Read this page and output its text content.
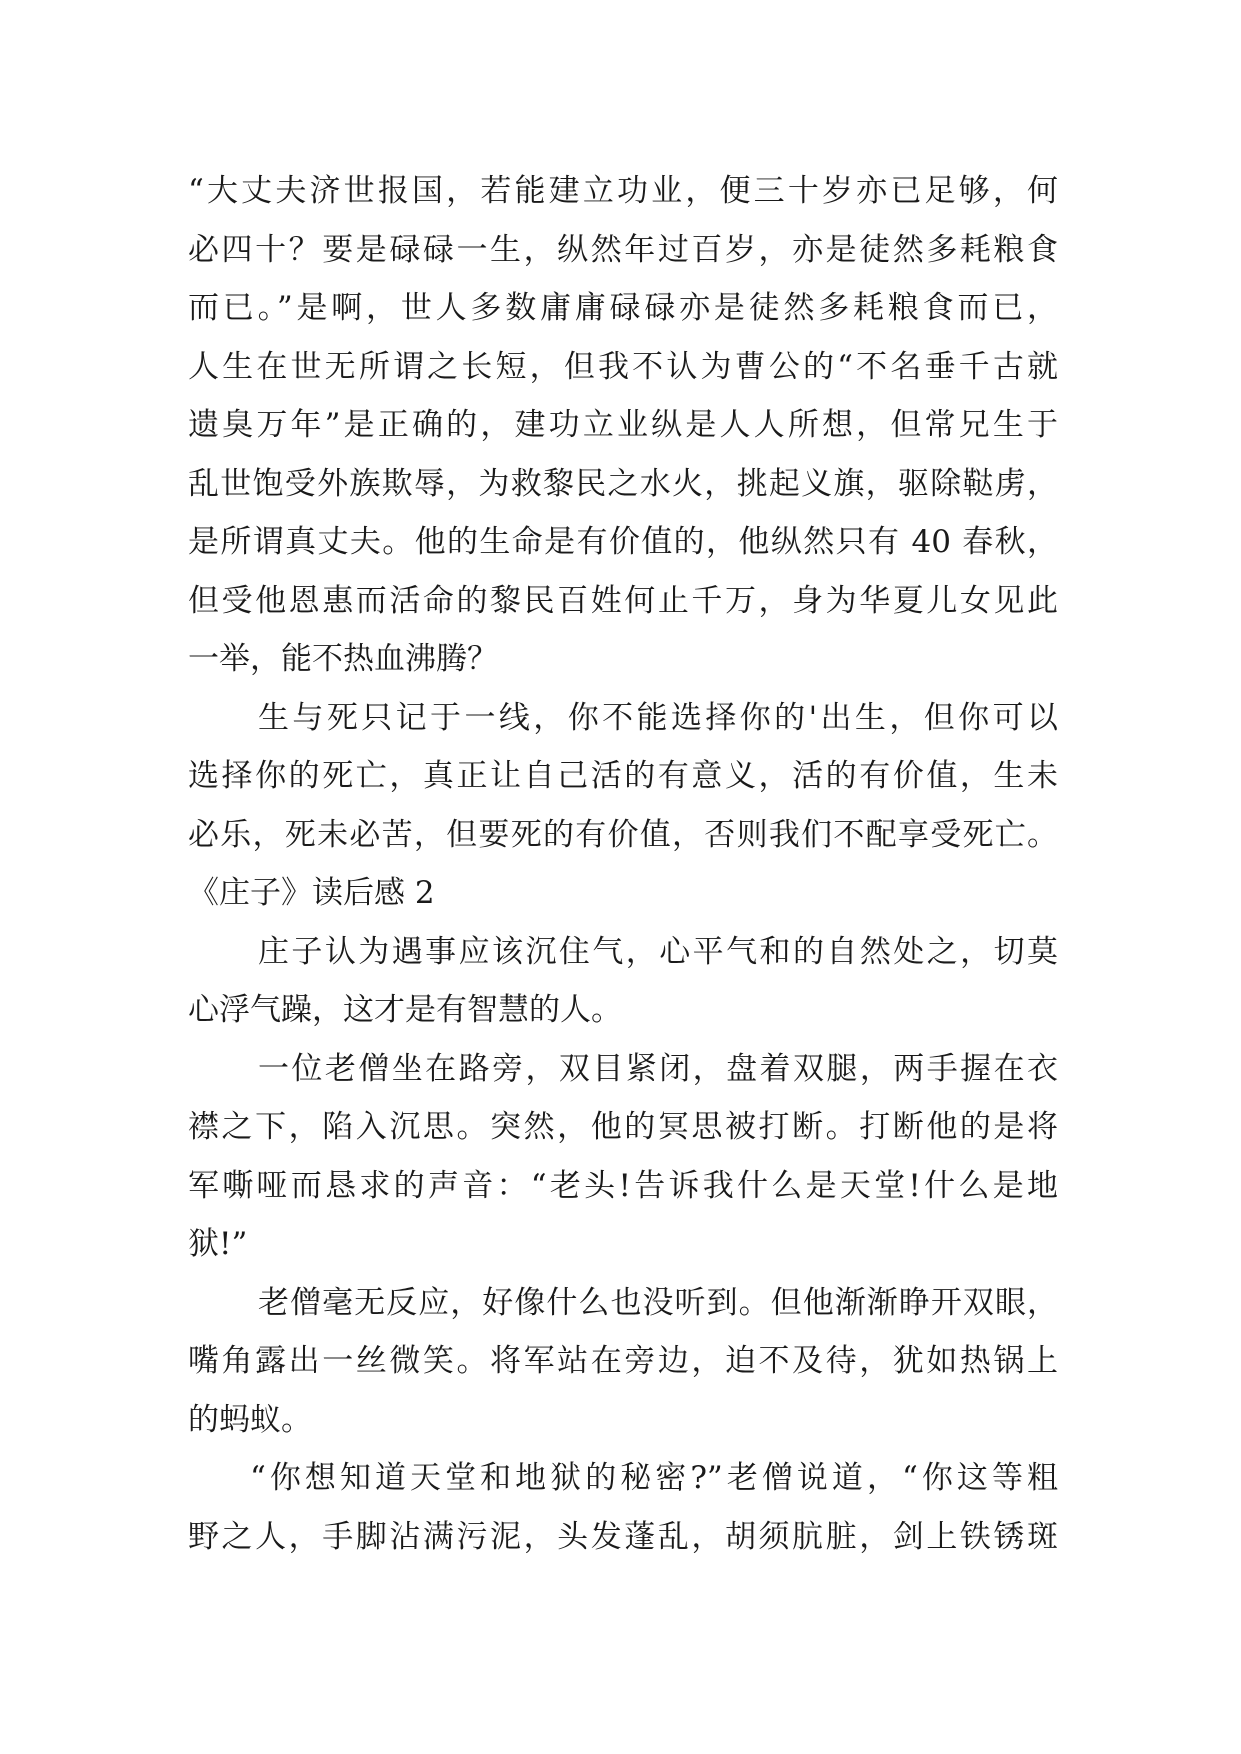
“大丈夫济世报国，若能建立功业，便三十岁亦已足够，何
必四十？要是碌碌一生，纵然年过百岁，亦是徒然多耗粮食
而已。”是啊，世人多数庸庸碌碌亦是徒然多耗粮食而已，
人生在世无所谓之长短，但我不认为曹公的“不名垂千古就
遗臭万年”是正确的，建功立业纵是人人所想，但常兄生于
乱世饱受外族欺辱，为救黎民之水火，挑起义旗，驱除鞑虏，
是所谓真丈夫。他的生命是有价值的，他纵然只有 40 春秋，
但受他恩惠而活命的黎民百姓何止千万，身为华夏儿女见此
一举，能不热血沸腾？
生与死只记于一线，你不能选择你的'出生，但你可以
选择你的死亡，真正让自己活的有意义，活的有价值，生未
必乐，死未必苦，但要死的有价值，否则我们不配享受死亡。
《庄子》读后感 2
庄子认为遇事应该沉住气，心平气和的自然处之，切莫
心浮气躁，这才是有智慧的人。
一位老僧坐在路旁，双目紧闭，盘着双腿，两手握在衣
襟之下，陷入沉思。突然，他的冥思被打断。打断他的是将
军嘶哑而恳求的声音：“老头!告诉我什么是天堂!什么是地
狱!”
老僧毫无反应，好像什么也没听到。但他渐渐睁开双眼，
嘴角露出一丝微笑。将军站在旁边，迫不及待，犹如热锅上
的蚂蚁。
“你想知道天堂和地狱的秘密?”老僧说道，“你这等粗
野之人，手脚沾满污泥，头发蓬乱，胡须肮脏，剑上铁锈斑
